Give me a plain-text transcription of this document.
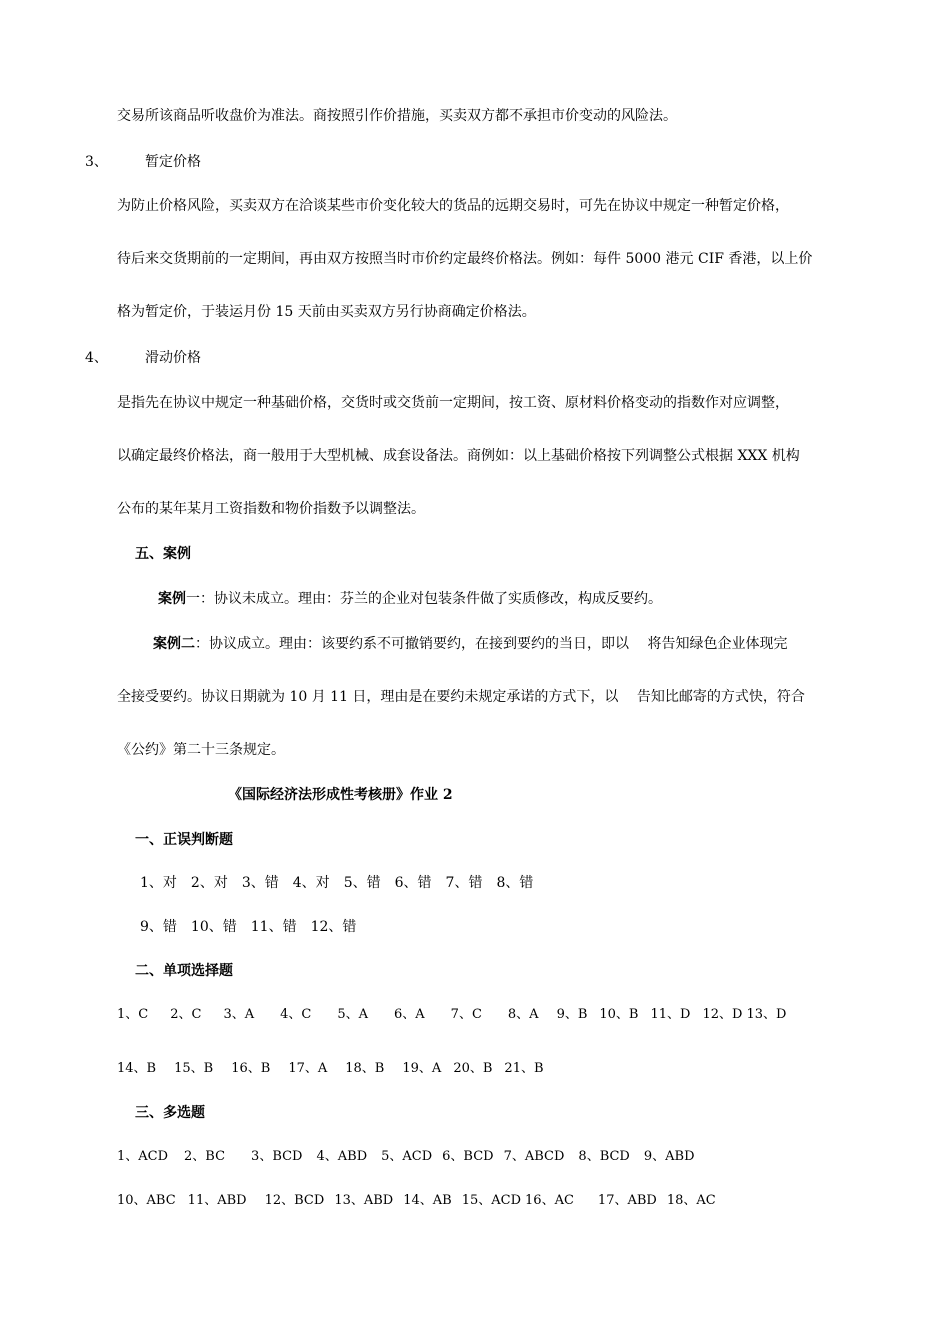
交易所该商品听收盘价为准法。商按照引作价措施，买卖双方都不承担市价变动的风险法。
3、	暂定价格
为防止价格风险，买卖双方在洽谈某些市价变化较大的货品的远期交易时，可先在协议中规定一种暂定价格，
待后来交货期前的一定期间，再由双方按照当时市价约定最终价格法。例如：每件 5000 港元 CIF 香港，以上价
格为暂定价，于装运月份 15 天前由买卖双方另行协商确定价格法。
4、	滑动价格
是指先在协议中规定一种基础价格，交货时或交货前一定期间，按工资、原材料价格变动的指数作对应调整，
以确定最终价格法，商一般用于大型机械、成套设备法。商例如：以上基础价格按下列调整公式根据 XXX 机构
公布的某年某月工资指数和物价指数予以调整法。
五、案例
案例一：协议未成立。理由：芬兰的企业对包装条件做了实质修改，构成反要约。
案例二：协议成立。理由：该要约系不可撤销要约，在接到要约的当日，即以　 将告知绿色企业体现完
全接受要约。协议日期就为 10 月 11 日，理由是在要约未规定承诺的方式下，以　 告知比邮寄的方式快，符合
《公约》第二十三条规定。
《国际经济法形成性考核册》作业 2
一、正误判断题
1、对 2、对 3、错 4、对 5、错 6、错 7、错 8、错
9、错 10、错 11、错 12、错
二、单项选择题
1、C 2、C 3、A 4、C 5、A 6、A 7、C 8、A 9、B 10、B 11、D 12、D 13、D
14、B 15、B 16、B 17、A 18、B 19、A 20、B 21、B
三、多选题
1、ACD 2、BC 3、BCD 4、ABD 5、ACD 6、BCD 7、ABCD 8、BCD 9、ABD
10、ABC 11、ABD 12、BCD 13、ABD 14、AB 15、ACD 16、AC 17、ABD 18、AC
